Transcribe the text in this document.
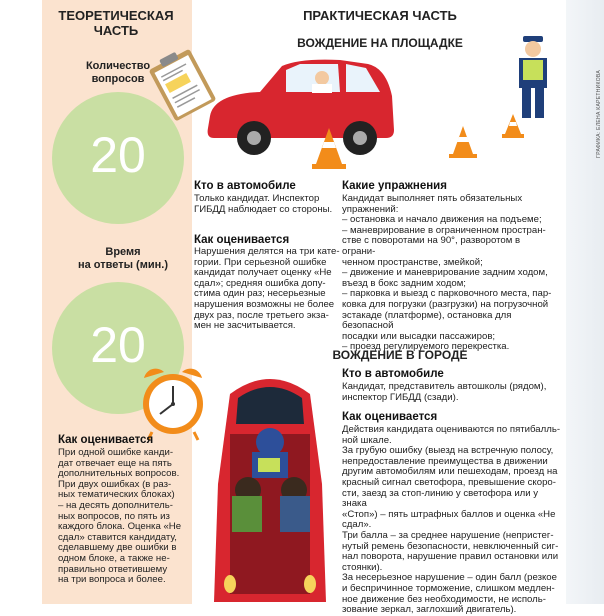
ТЕОРЕТИЧЕСКАЯ
ЧАСТЬ
Количество
вопросов
20
Время
на ответы (мин.)
20
Как оценивается
При одной ошибке канди-
дат отвечает еще на пять
дополнительных вопросов.
При двух ошибках (в раз-
ных тематических блоках)
– на десять дополнитель-
ных вопросов, по пять из
каждого блока. Оценка «Не
сдал» ставится кандидату,
сделавшему две ошибки в
одном блоке, а также не-
правильно ответившему
на три вопроса и более.
ПРАКТИЧЕСКАЯ ЧАСТЬ
ВОЖДЕНИЕ НА ПЛОЩАДКЕ
ГРАФИКА: ЕЛЕНА КАРЕТНИКОВА
Кто в автомобиле
Только кандидат. Инспектор
ГИБДД наблюдает со стороны.
Как оценивается
Нарушения делятся на три кате-
гории. При серьезной ошибке
кандидат получает оценку «Не
сдал»; средняя ошибка допу-
стима один раз; несерьезные
нарушения возможны не более
двух раз, после третьего экза-
мен не засчитывается.
Какие упражнения
Кандидат выполняет пять обязательных
упражнений:
– остановка и начало движения на подъеме;
– маневрирование в ограниченном простран-
стве с поворотами на 90°, разворотом в ограни-
ченном пространстве, змейкой;
– движение и маневрирование задним ходом,
въезд в бокс задним ходом;
– парковка и выезд с парковочного места, пар-
ковка для погрузки (разгрузки) на погрузочной
эстакаде (платформе), остановка для безопасной
посадки или высадки пассажиров;
– проезд регулируемого перекрестка.
ВОЖДЕНИЕ В ГОРОДЕ
Кто в автомобиле
Кандидат, представитель автошколы (рядом),
инспектор ГИБДД (сзади).
Как оценивается
Действия кандидата оцениваются по пятибалль-
ной шкале.
За грубую ошибку (выезд на встречную полосу,
непредоставление преимущества в движении
другим автомобилям или пешеходам, проезд на
красный сигнал светофора, превышение скоро-
сти, заезд за стоп-линию у светофора или у знака
«Стоп») – пять штрафных баллов и оценка «Не сдал».
Три балла – за среднее нарушение (непристег-
нутый ремень безопасности, невключенный сиг-
нал поворота, нарушение правил остановки или
стоянки).
За несерьезное нарушение – один балл (резкое
и беспричинное торможение, слишком медлен-
ное движение без необходимости, не исполь-
зование зеркал, заглохший двигатель).
